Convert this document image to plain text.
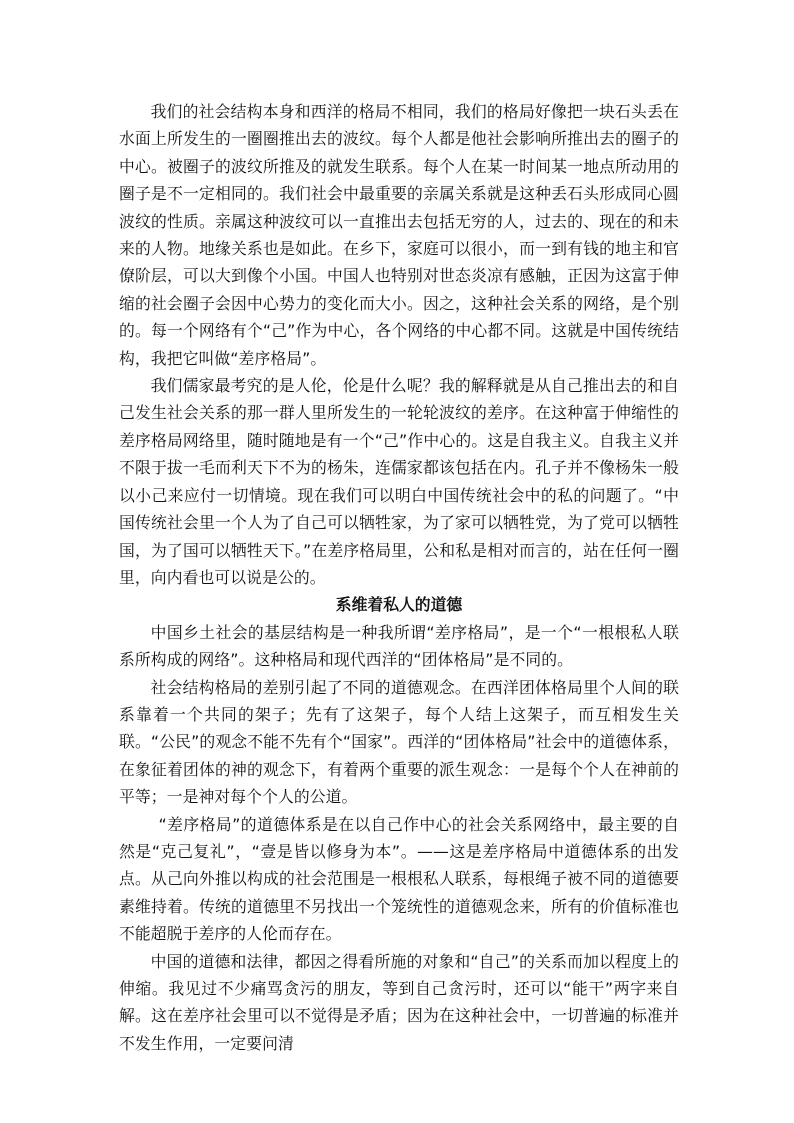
我们的社会结构本身和西洋的格局不相同，我们的格局好像把一块石头丢在水面上所发生的一圈圈推出去的波纹。每个人都是他社会影响所推出去的圈子的中心。被圈子的波纹所推及的就发生联系。每个人在某一时间某一地点所动用的圈子是不一定相同的。我们社会中最重要的亲属关系就是这种丢石头形成同心圆波纹的性质。亲属这种波纹可以一直推出去包括无穷的人，过去的、现在的和未来的人物。地缘关系也是如此。在乡下，家庭可以很小，而一到有钱的地主和官僚阶层，可以大到像个小国。中国人也特别对世态炎凉有感触，正因为这富于伸缩的社会圈子会因中心势力的变化而大小。因之，这种社会关系的网络，是个别的。每一个网络有个“己”作为中心，各个网络的中心都不同。这就是中国传统结构，我把它叫做“差序格局”。

我们儒家最考究的是人伦，伦是什么呢？我的解释就是从自己推出去的和自己发生社会关系的那一群人里所发生的一轮轮波纹的差序。在这种富于伸缩性的差序格局网络里，随时随地是有一个“己”作中心的。这是自我主义。自我主义并不限于拔一毛而利天下不为的杨朱，连儒家都该包括在内。孔子并不像杨朱一般以小己来应付一切情境。现在我们可以明白中国传统社会中的私的问题了。“中国传统社会里一个人为了自己可以牺牲家，为了家可以牺牲党，为了党可以牺牲国，为了国可以牺牲天下。”在差序格局里，公和私是相对而言的，站在任何一圈里，向内看也可以说是公的。

系维着私人的道德

中国乡土社会的基层结构是一种我所谓“差序格局”，是一个“一根根私人联系所构成的网络”。这种格局和现代西洋的“团体格局”是不同的。

社会结构格局的差别引起了不同的道德观念。在西洋团体格局里个人间的联系靠着一个共同的架子；先有了这架子，每个人结上这架子，而互相发生关联。“公民”的观念不能不先有个“国家”。西洋的“团体格局”社会中的道德体系，在象征着团体的神的观念下，有着两个重要的派生观念：一是每个个人在神前的平等；一是神对每个个人的公道。

“差序格局”的道德体系是在以自己作中心的社会关系网络中，最主要的自然是“克己复礼”，“壹是皆以修身为本”。——这是差序格局中道德体系的出发点。从己向外推以构成的社会范围是一根根私人联系，每根绳子被不同的道德要素维持着。传统的道德里不另找出一个笼统性的道德观念来，所有的价值标准也不能超脱于差序的人伦而存在。

中国的道德和法律，都因之得看所施的对象和“自己”的关系而加以程度上的伸缩。我见过不少痛骂贪污的朋友，等到自己贪污时，还可以“能干”两字来自解。这在差序社会里可以不觉得是矛盾；因为在这种社会中，一切普遍的标准并不发生作用，一定要问清
